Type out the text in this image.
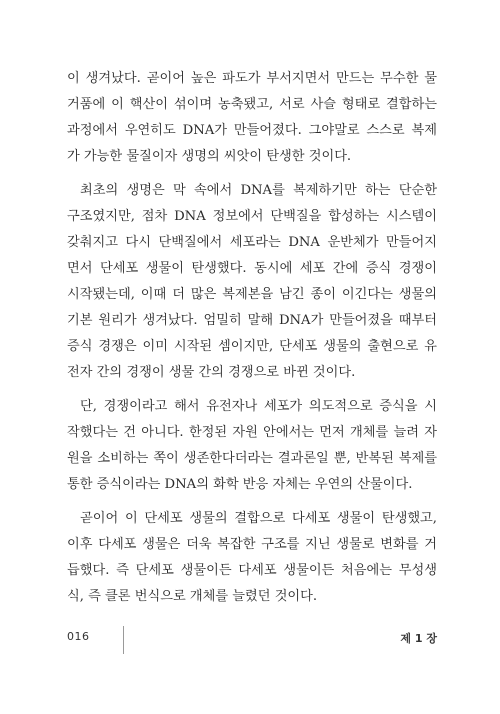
이 생겨났다. 곧이어 높은 파도가 부서지면서 만드는 무수한 물
거품에 이 핵산이 섞이며 농축됐고, 서로 사슬 형태로 결합하는
과정에서 우연히도 DNA가 만들어졌다. 그야말로 스스로 복제
가 가능한 물질이자 생명의 씨앗이 탄생한 것이다.
최초의 생명은 막 속에서 DNA를 복제하기만 하는 단순한
구조였지만, 점차 DNA 정보에서 단백질을 합성하는 시스템이
갖춰지고 다시 단백질에서 세포라는 DNA 운반체가 만들어지
면서 단세포 생물이 탄생했다. 동시에 세포 간에 증식 경쟁이
시작됐는데, 이때 더 많은 복제본을 남긴 종이 이긴다는 생물의
기본 원리가 생겨났다. 엄밀히 말해 DNA가 만들어졌을 때부터
증식 경쟁은 이미 시작된 셈이지만, 단세포 생물의 출현으로 유
전자 간의 경쟁이 생물 간의 경쟁으로 바뀐 것이다.
단, 경쟁이라고 해서 유전자나 세포가 의도적으로 증식을 시
작했다는 건 아니다. 한정된 자원 안에서는 먼저 개체를 늘려 자
원을 소비하는 쪽이 생존한다더라는 결과론일 뿐, 반복된 복제를
통한 증식이라는 DNA의 화학 반응 자체는 우연의 산물이다.
곧이어 이 단세포 생물의 결합으로 다세포 생물이 탄생했고,
이후 다세포 생물은 더욱 복잡한 구조를 지닌 생물로 변화를 거
듭했다. 즉 단세포 생물이든 다세포 생물이든 처음에는 무성생
식, 즉 클론 번식으로 개체를 늘렸던 것이다.
016	제 1 장
